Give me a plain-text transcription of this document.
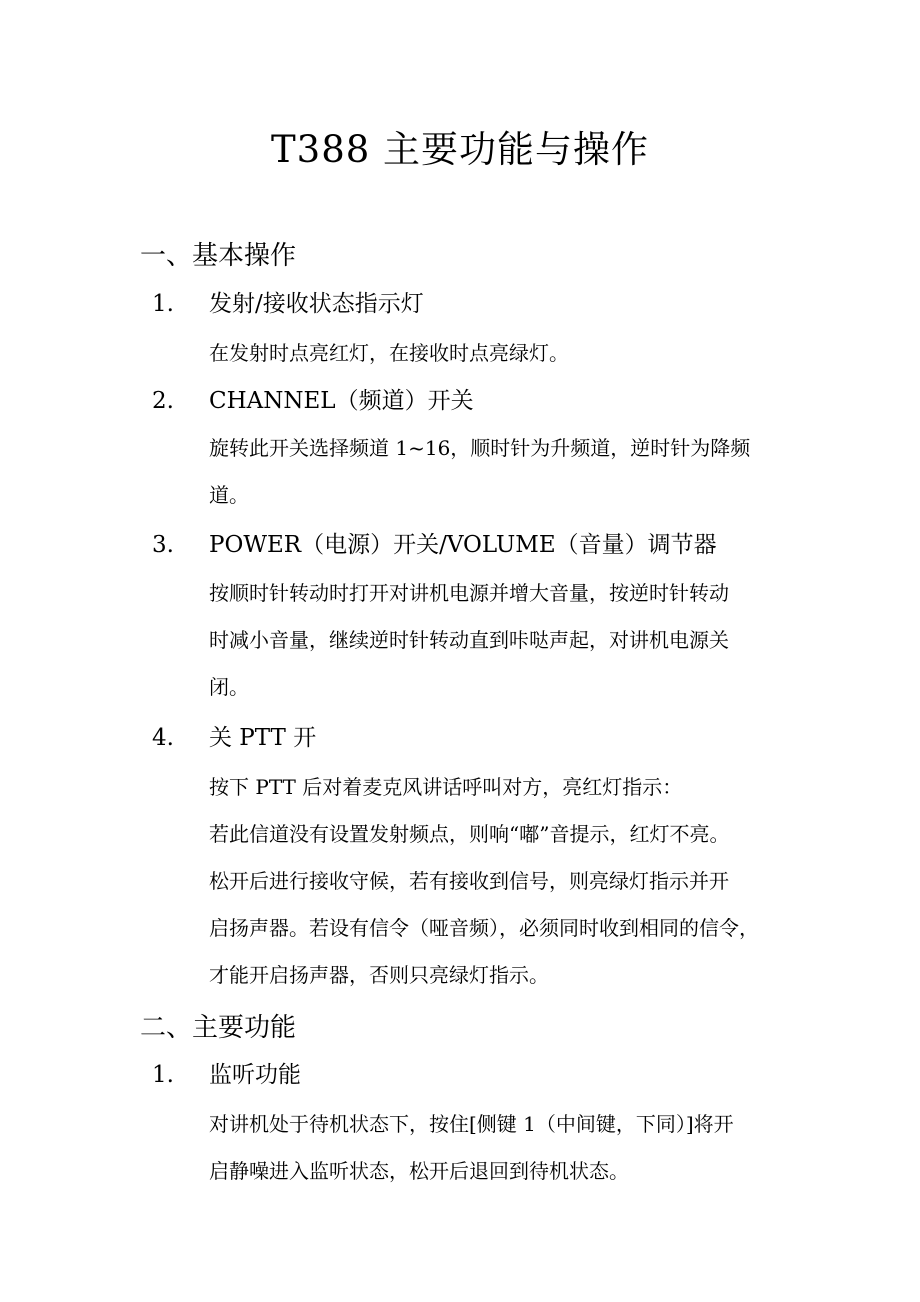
T388 主要功能与操作
一、基本操作
1. 发射/接收状态指示灯
在发射时点亮红灯，在接收时点亮绿灯。
2. CHANNEL（频道）开关
旋转此开关选择频道 1~16，顺时针为升频道，逆时针为降频
道。
3. POWER（电源）开关/VOLUME（音量）调节器
按顺时针转动时打开对讲机电源并增大音量，按逆时针转动
时减小音量，继续逆时针转动直到咔哒声起，对讲机电源关
闭。
4. 关 PTT 开
按下 PTT 后对着麦克风讲话呼叫对方，亮红灯指示：
若此信道没有设置发射频点，则响“嘟”音提示，红灯不亮。
松开后进行接收守候，若有接收到信号，则亮绿灯指示并开
启扬声器。若设有信令（哑音频），必须同时收到相同的信令，
才能开启扬声器，否则只亮绿灯指示。
二、主要功能
1. 监听功能
对讲机处于待机状态下，按住[侧键 1（中间键，下同）]将开
启静噪进入监听状态，松开后退回到待机状态。
